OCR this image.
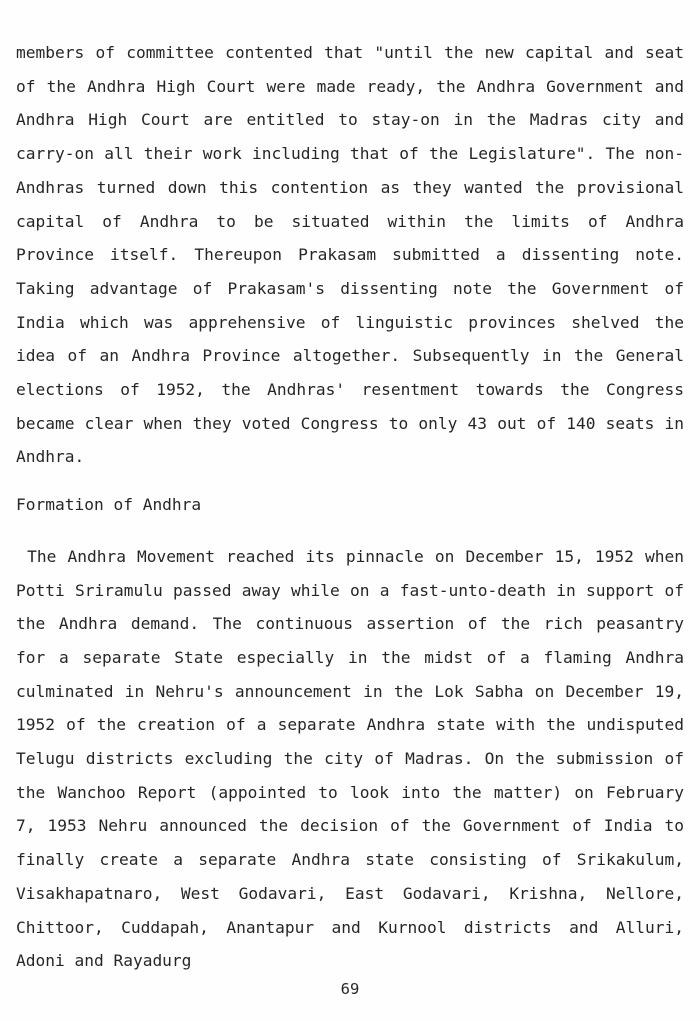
members of committee contented that "until the new capital and seat of the Andhra High Court were made ready, the Andhra Government and Andhra High Court are entitled to stay-on in the Madras city and carry-on all their work including that of the Legislature". The non-Andhras turned down this contention as they wanted the provisional capital of Andhra to be situated within the limits of Andhra Province itself. Thereupon Prakasam submitted a dissenting note. Taking advantage of Prakasam's dissenting note the Government of India which was apprehensive of linguistic provinces shelved the idea of an Andhra Province altogether. Subsequently in the General elections of 1952, the Andhras' resentment towards the Congress became clear when they voted Congress to only 43 out of 140 seats in Andhra.

Formation of Andhra

The Andhra Movement reached its pinnacle on December 15, 1952 when Potti Sriramulu passed away while on a fast-unto-death in support of the Andhra demand. The continuous assertion of the rich peasantry for a separate State especially in the midst of a flaming Andhra culminated in Nehru's announcement in the Lok Sabha on December 19, 1952 of the creation of a separate Andhra state with the undisputed Telugu districts excluding the city of Madras. On the submission of the Wanchoo Report (appointed to look into the matter) on February 7, 1953 Nehru announced the decision of the Government of India to finally create a separate Andhra state consisting of Srikakulum, Visakhapatnaro, West Godavari, East Godavari, Krishna, Nellore, Chittoor, Cuddapah, Anantapur and Kurnool districts and Alluri, Adoni and Rayadurg

69
